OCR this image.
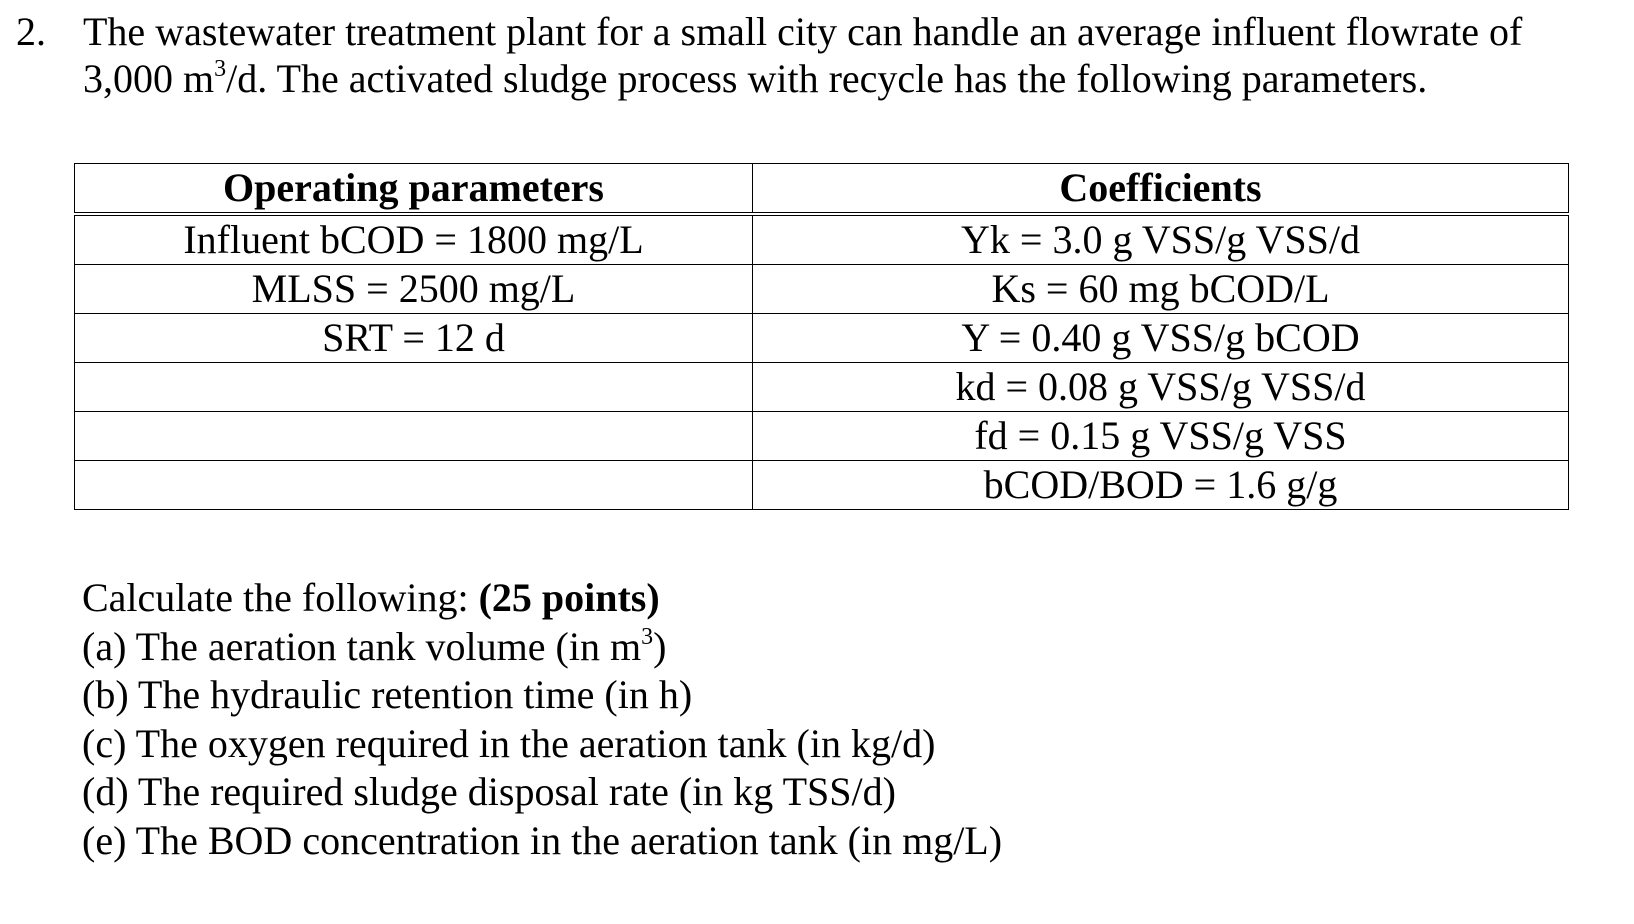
2. The wastewater treatment plant for a small city can handle an average influent flowrate of
3,000 $m^3/d$. The activated sludge process with recycle has the following parameters.
Operating parameters	Coefficients
Influent bCOD = 1800 mg/L	Yk = 3.0 g VSS/g VSS/d
MLSS = 2500 mg/L	Ks = 60 mg bCOD/L
SRT = 12 d	Y = 0.40 g VSS/g bCOD
	kd = 0.08 g VSS/g VSS/d
	fd = 0.15 g VSS/g VSS
	bCOD/BOD = 1.6 g/g
Calculate the following: (25 points)
(a) The aeration tank volume (in $m^3$)
(b) The hydraulic retention time (in h)
(c) The oxygen required in the aeration tank (in kg/d)
(d) The required sludge disposal rate (in kg TSS/d)
(e) The BOD concentration in the aeration tank (in mg/L)
